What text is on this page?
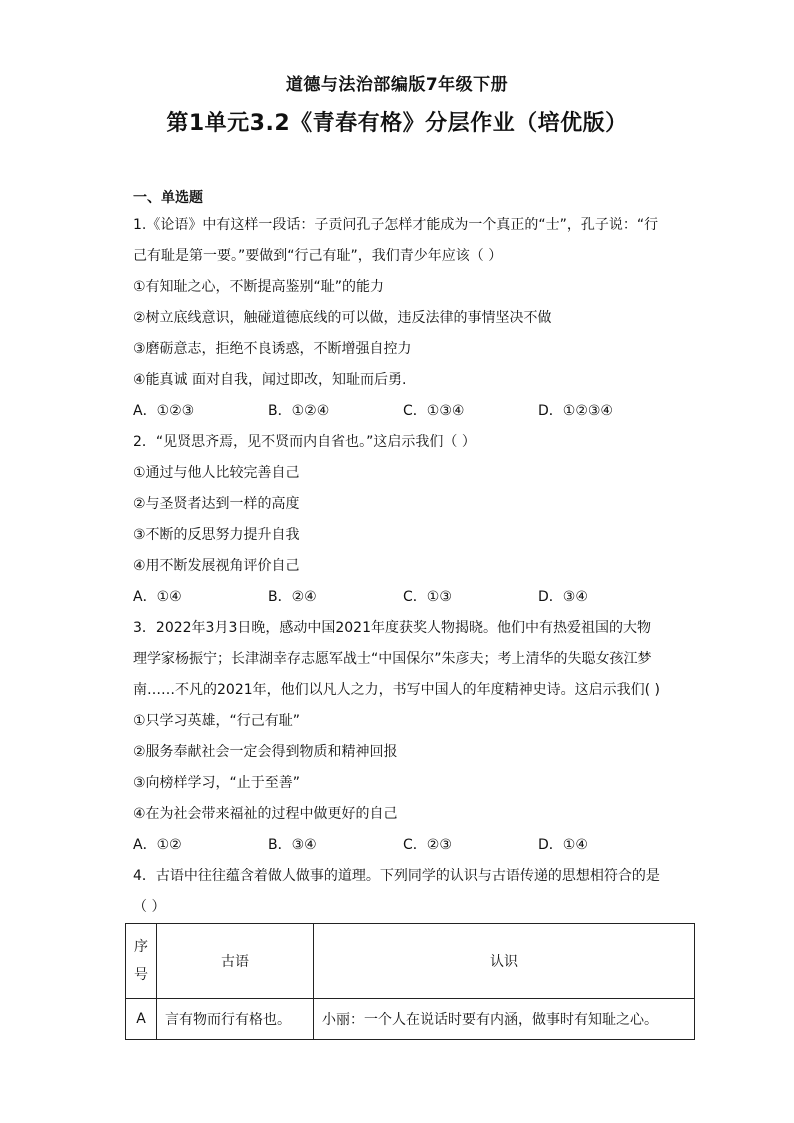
道德与法治部编版7年级下册
第1单元3.2《青春有格》分层作业（培优版）
一、单选题
1.《论语》中有这样一段话：子贡问孔子怎样才能成为一个真正的“士”，孔子说：“行
己有耻是第一要。”要做到“行己有耻”，我们青少年应该（ ）
①有知耻之心，不断提高鉴别“耻”的能力
②树立底线意识，触碰道德底线的可以做，违反法律的事情坚决不做
③磨砺意志，拒绝不良诱惑，不断增强自控力
④能真诚 面对自我，闻过即改，知耻而后勇.
A．①②③	B．①②④	C．①③④	D．①②③④
2．“见贤思齐焉，见不贤而内自省也。”这启示我们（ ）
①通过与他人比较完善自己
②与圣贤者达到一样的高度
③不断的反思努力提升自我
④用不断发展视角评价自己
A．①④	B．②④	C．①③	D．③④
3．2022年3月3日晚，感动中国2021年度获奖人物揭晓。他们中有热爱祖国的大物
理学家杨振宁；长津湖幸存志愿军战士“中国保尔”朱彦夫；考上清华的失聪女孩江梦
南……不凡的2021年，他们以凡人之力，书写中国人的年度精神史诗。这启示我们( )
①只学习英雄，“行己有耻”
②服务奉献社会一定会得到物质和精神回报
③向榜样学习，“止于至善”
④在为社会带来福祉的过程中做更好的自己
A．①②	B．③④	C．②③	D．①④
4．古语中往往蕴含着做人做事的道理。下列同学的认识与古语传递的思想相符合的是
（ ）
序号	古语	认识
A	言有物而行有格也。	小丽：一个人在说话时要有内涵，做事时有知耻之心。
